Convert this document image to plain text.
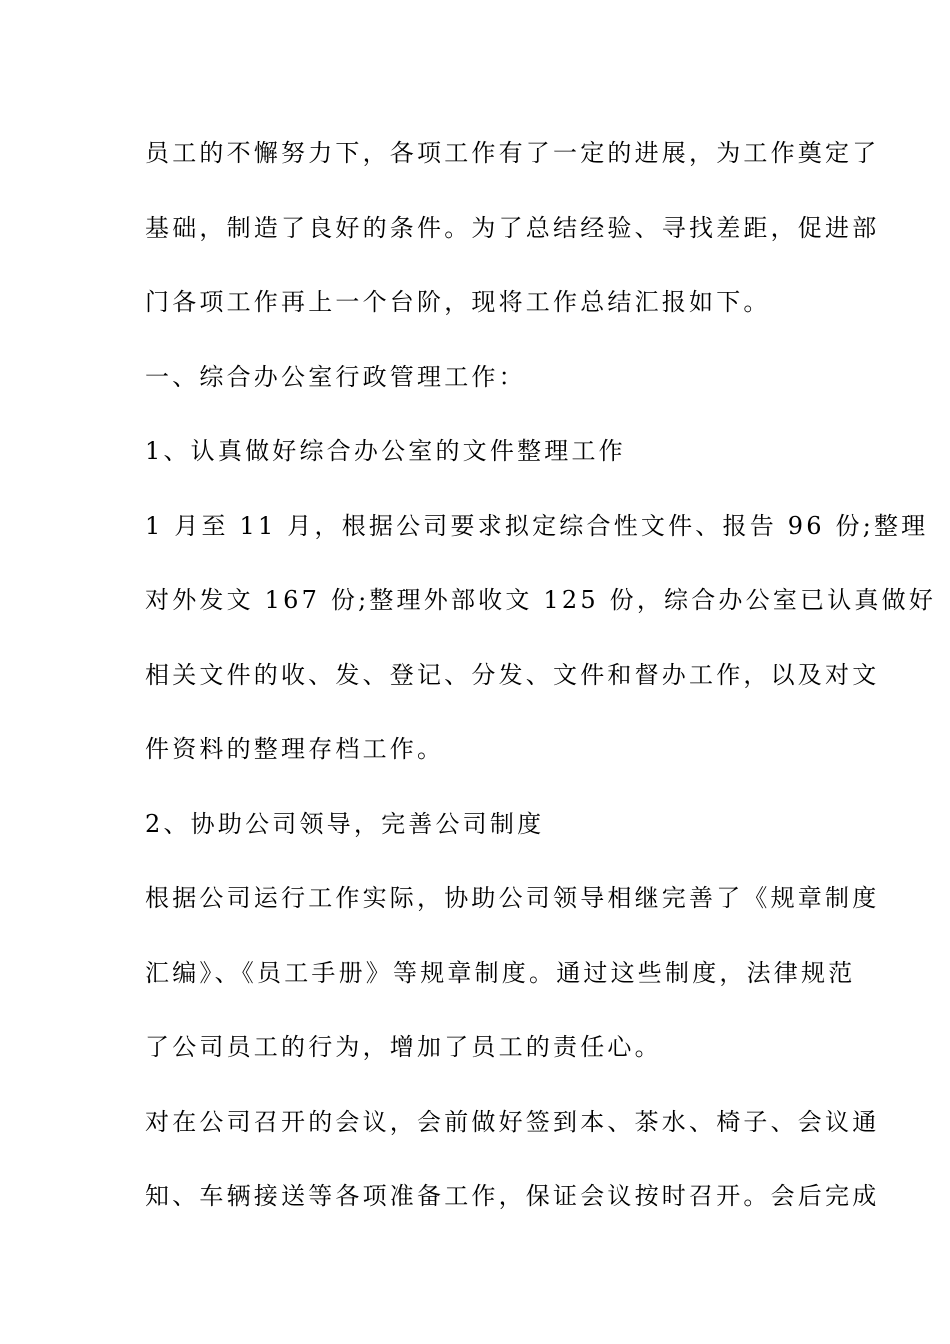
员工的不懈努力下，各项工作有了一定的进展，为工作奠定了
基础，制造了良好的条件。为了总结经验、寻找差距，促进部
门各项工作再上一个台阶，现将工作总结汇报如下。
一、综合办公室行政管理工作：
1、认真做好综合办公室的文件整理工作
1 月至 11 月，根据公司要求拟定综合性文件、报告 96 份;整理
对外发文 167 份;整理外部收文 125 份，综合办公室已认真做好
相关文件的收、发、登记、分发、文件和督办工作，以及对文
件资料的整理存档工作。
2、协助公司领导，完善公司制度
根据公司运行工作实际，协助公司领导相继完善了《规章制度
汇编》、《员工手册》等规章制度。通过这些制度，法律规范
了公司员工的行为，增加了员工的责任心。
对在公司召开的会议，会前做好签到本、茶水、椅子、会议通
知、车辆接送等各项准备工作，保证会议按时召开。会后完成
